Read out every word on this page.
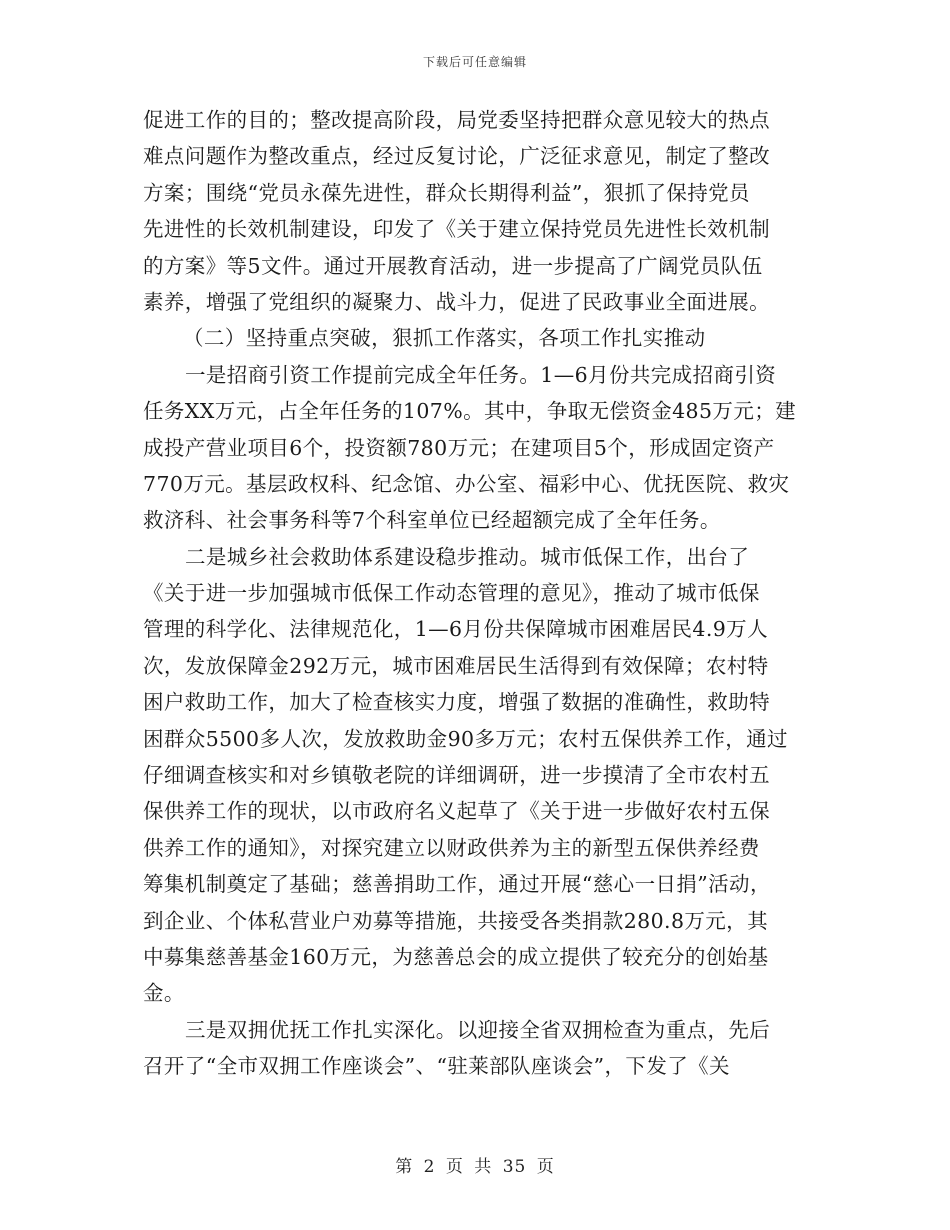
下载后可任意编辑
促进工作的目的；整改提高阶段，局党委坚持把群众意见较大的热点
难点问题作为整改重点，经过反复讨论，广泛征求意见，制定了整改
方案；围绕“党员永葆先进性，群众长期得利益”，狠抓了保持党员
先进性的长效机制建设，印发了《关于建立保持党员先进性长效机制
的方案》等5文件。通过开展教育活动，进一步提高了广阔党员队伍
素养，增强了党组织的凝聚力、战斗力，促进了民政事业全面进展。
（二）坚持重点突破，狠抓工作落实，各项工作扎实推动
一是招商引资工作提前完成全年任务。1—6月份共完成招商引资
任务XX万元，占全年任务的107%。其中，争取无偿资金485万元；建
成投产营业项目6个，投资额780万元；在建项目5个，形成固定资产
770万元。基层政权科、纪念馆、办公室、福彩中心、优抚医院、救灾
救济科、社会事务科等7个科室单位已经超额完成了全年任务。
二是城乡社会救助体系建设稳步推动。城市低保工作，出台了
《关于进一步加强城市低保工作动态管理的意见》，推动了城市低保
管理的科学化、法律规范化，1—6月份共保障城市困难居民4.9万人
次，发放保障金292万元，城市困难居民生活得到有效保障；农村特
困户救助工作，加大了检查核实力度，增强了数据的准确性，救助特
困群众5500多人次，发放救助金90多万元；农村五保供养工作，通过
仔细调查核实和对乡镇敬老院的详细调研，进一步摸清了全市农村五
保供养工作的现状，以市政府名义起草了《关于进一步做好农村五保
供养工作的通知》，对探究建立以财政供养为主的新型五保供养经费
筹集机制奠定了基础；慈善捐助工作，通过开展“慈心一日捐”活动，
到企业、个体私营业户劝募等措施，共接受各类捐款280.8万元，其
中募集慈善基金160万元，为慈善总会的成立提供了较充分的创始基
金。
三是双拥优抚工作扎实深化。以迎接全省双拥检查为重点，先后
召开了“全市双拥工作座谈会”、“驻莱部队座谈会”，下发了《关
第 2 页 共 35 页
